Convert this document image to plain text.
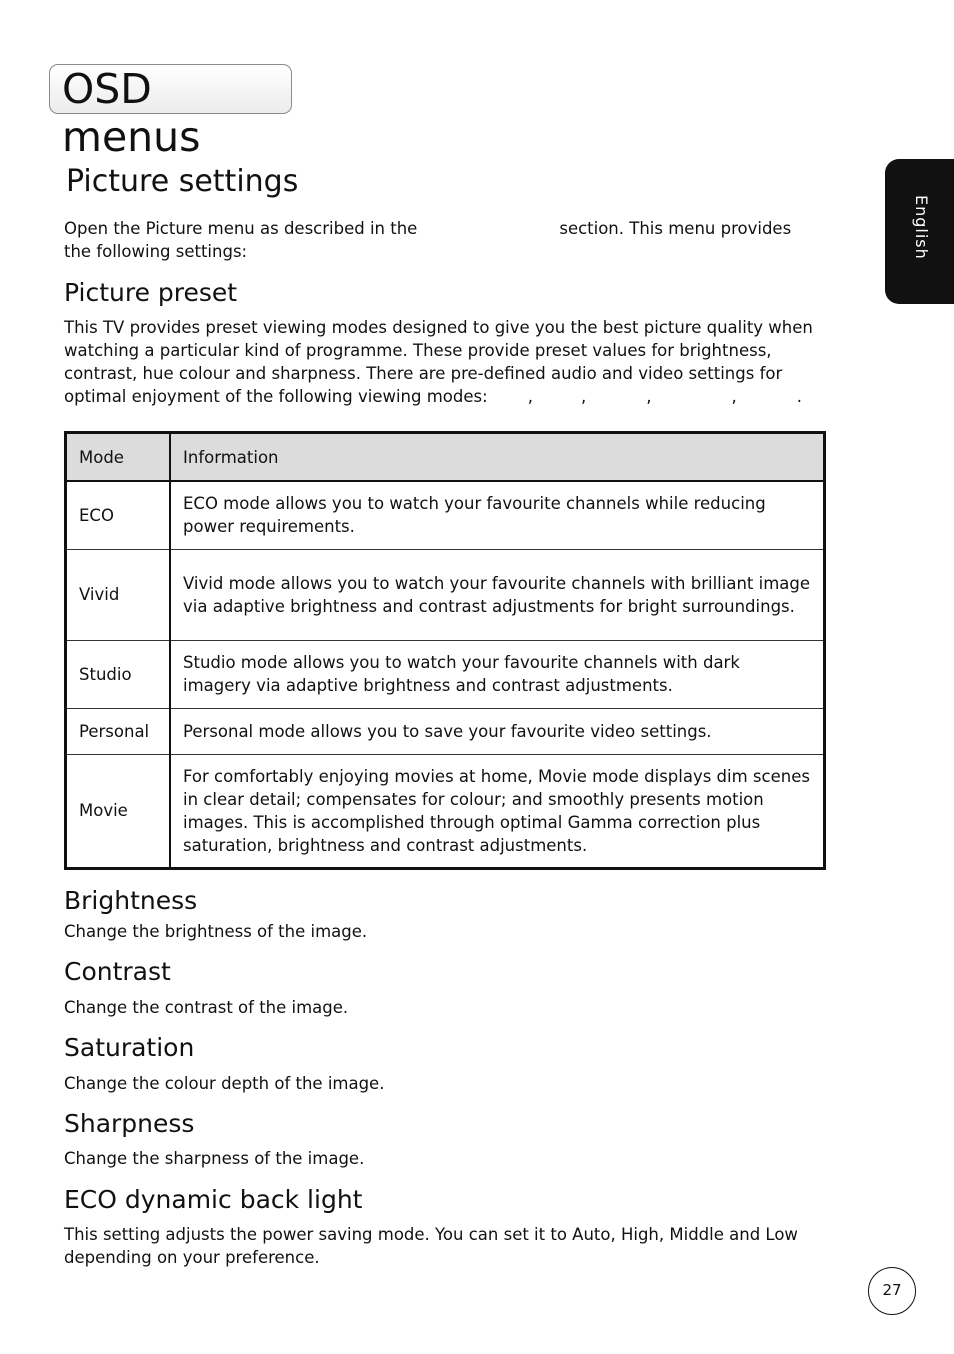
OSD menus
English
Picture settings
Open the Picture menu as described in the	section. This menu provides
the following settings:
Picture preset
This TV provides preset viewing modes designed to give you the best picture quality when watching a particular kind of programme. These provide preset values for brightness, contrast, hue colour and sharpness. There are pre-defined audio and video settings for optimal enjoyment of the following viewing modes: ,	,	,	,	.
Mode	Information
ECO	ECO mode allows you to watch your favourite channels while reducing power requirements.
Vivid	Vivid mode allows you to watch your favourite channels with brilliant image via adaptive brightness and contrast adjustments for bright surroundings.
Studio	Studio mode allows you to watch your favourite channels with dark imagery via adaptive brightness and contrast adjustments.
Personal	Personal mode allows you to save your favourite video settings.
Movie	For comfortably enjoying movies at home, Movie mode displays dim scenes in clear detail; compensates for colour; and smoothly presents motion images. This is accomplished through optimal Gamma correction plus saturation, brightness and contrast adjustments.
Brightness
Change the brightness of the image.
Contrast
Change the contrast of the image.
Saturation
Change the colour depth of the image.
Sharpness
Change the sharpness of the image.
ECO dynamic back light
This setting adjusts the power saving mode. You can set it to Auto, High, Middle and Low depending on your preference.
27
